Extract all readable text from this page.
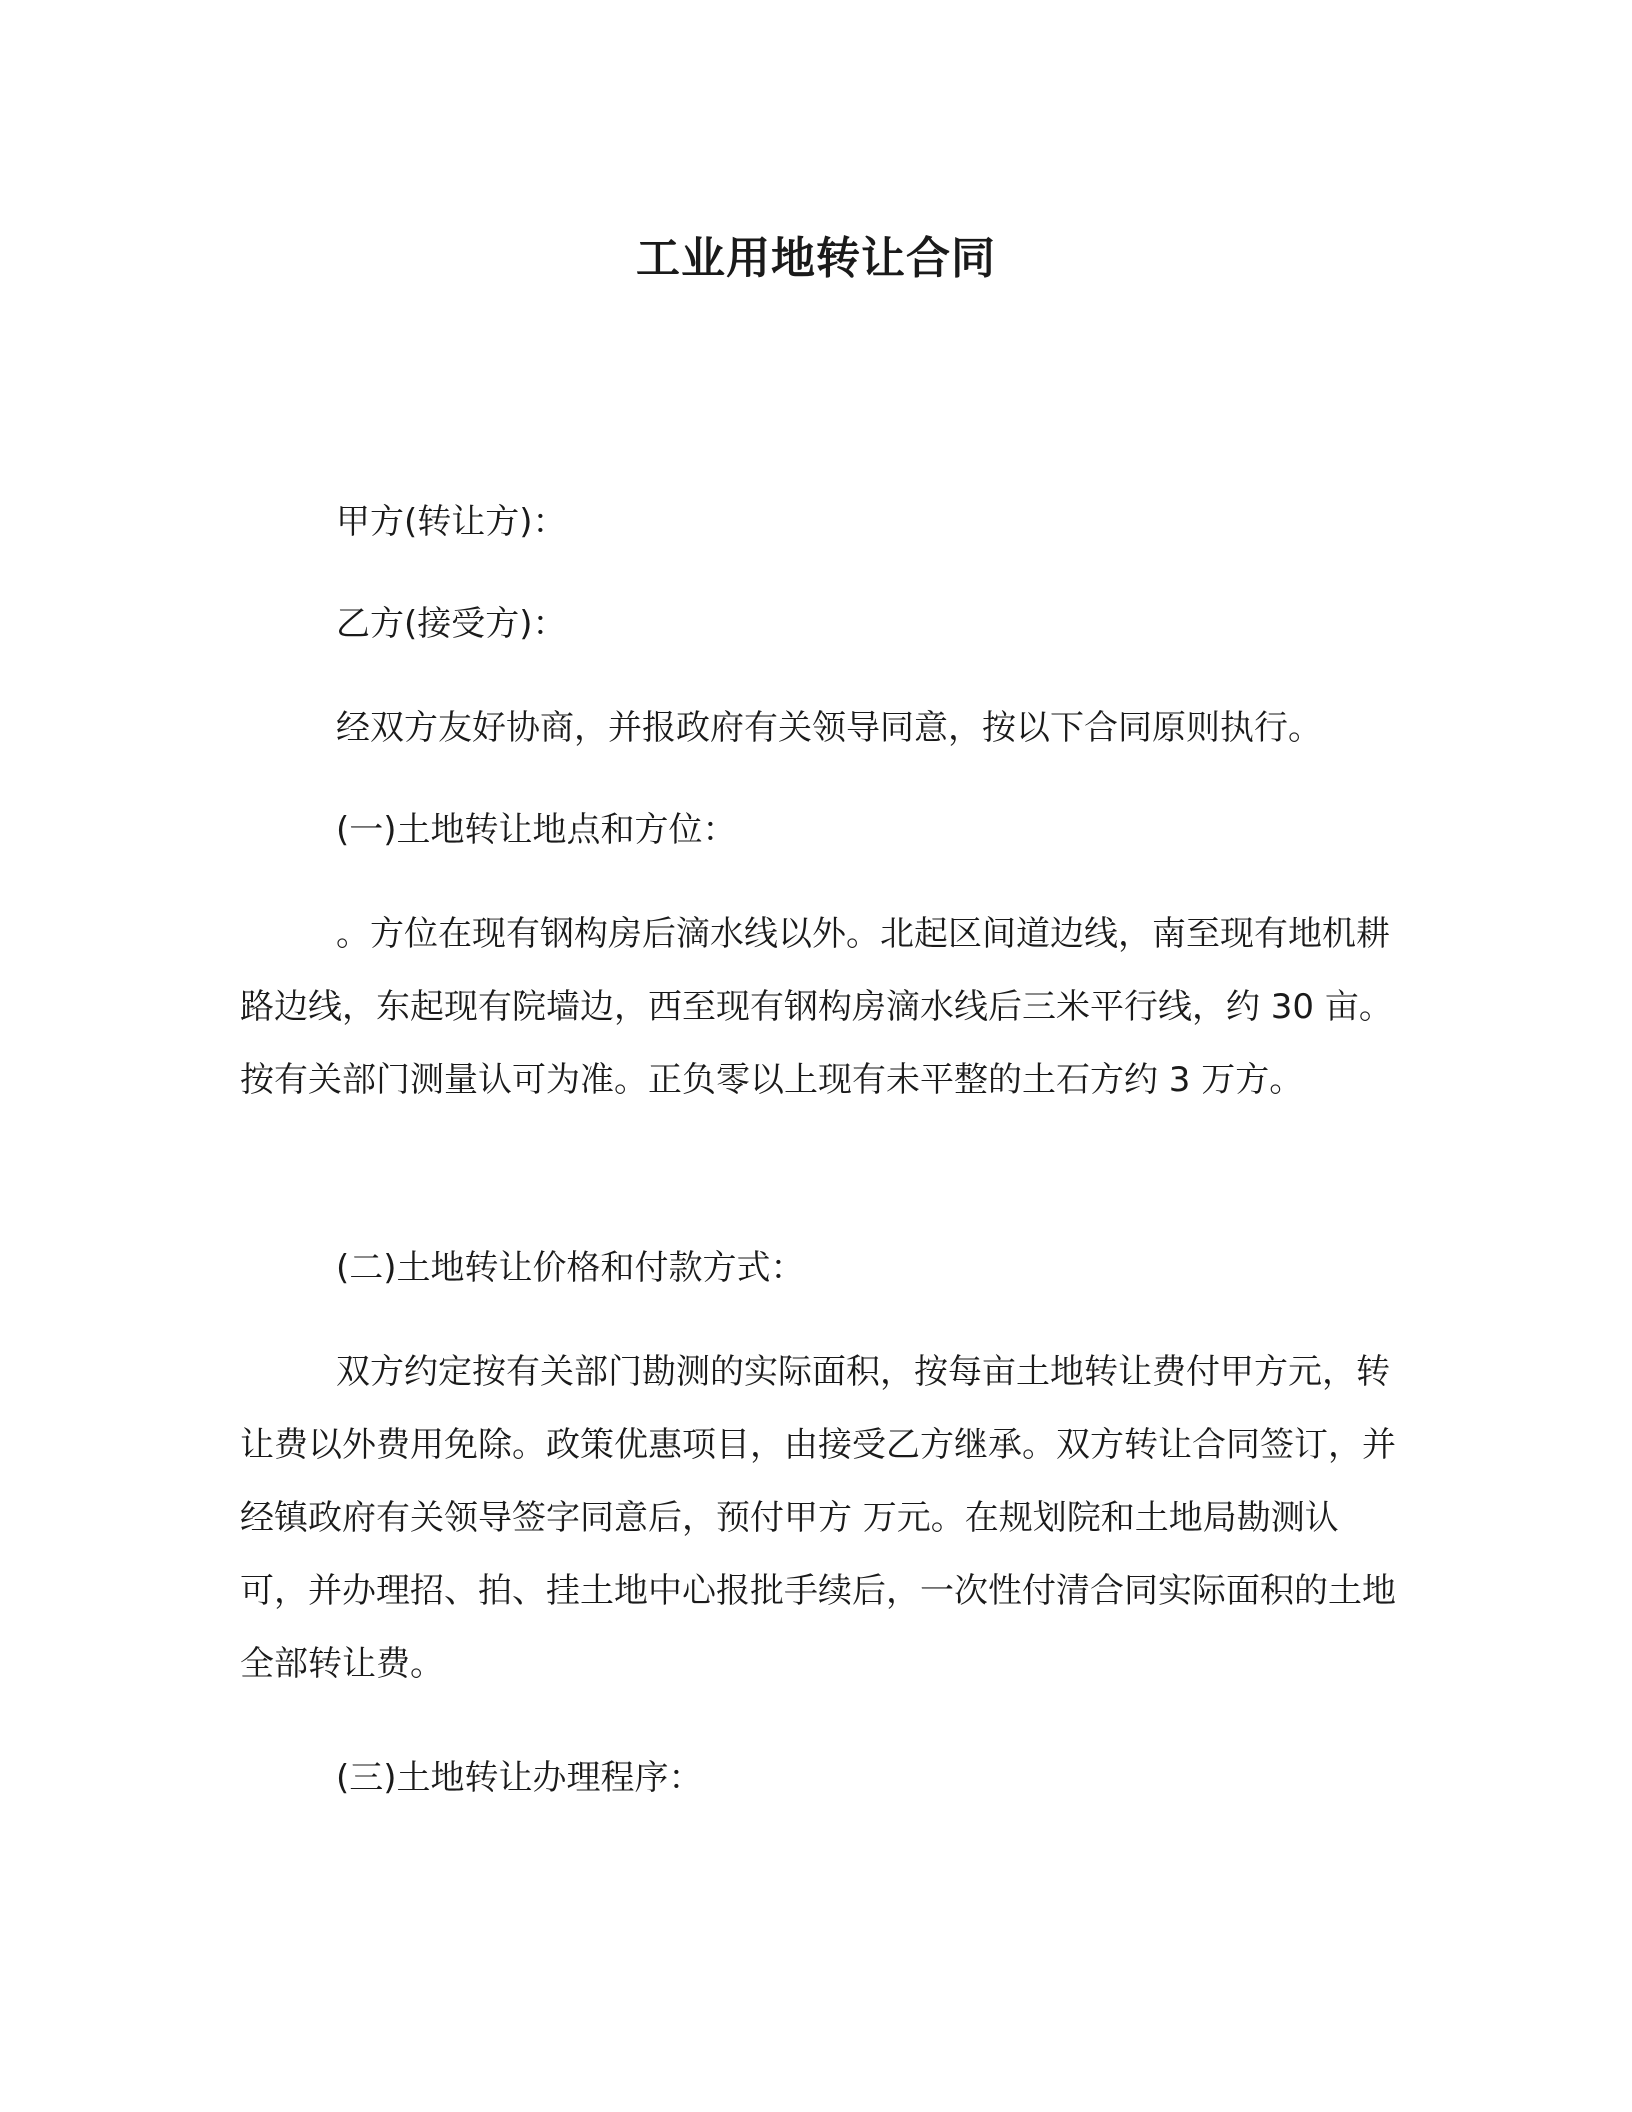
工业用地转让合同

甲方(转让方)：

乙方(接受方)：

经双方友好协商，并报政府有关领导同意，按以下合同原则执行。

(一)土地转让地点和方位：

。方位在现有钢构房后滴水线以外。北起区间道边线，南至现有地机耕路边线，东起现有院墙边，西至现有钢构房滴水线后三米平行线，约 30 亩。按有关部门测量认可为准。正负零以上现有未平整的土石方约 3 万方。

(二)土地转让价格和付款方式：

双方约定按有关部门勘测的实际面积，按每亩土地转让费付甲方元，转让费以外费用免除。政策优惠项目，由接受乙方继承。双方转让合同签订，并经镇政府有关领导签字同意后，预付甲方 万元。在规划院和土地局勘测认可，并办理招、拍、挂土地中心报批手续后，一次性付清合同实际面积的土地全部转让费。

(三)土地转让办理程序：
